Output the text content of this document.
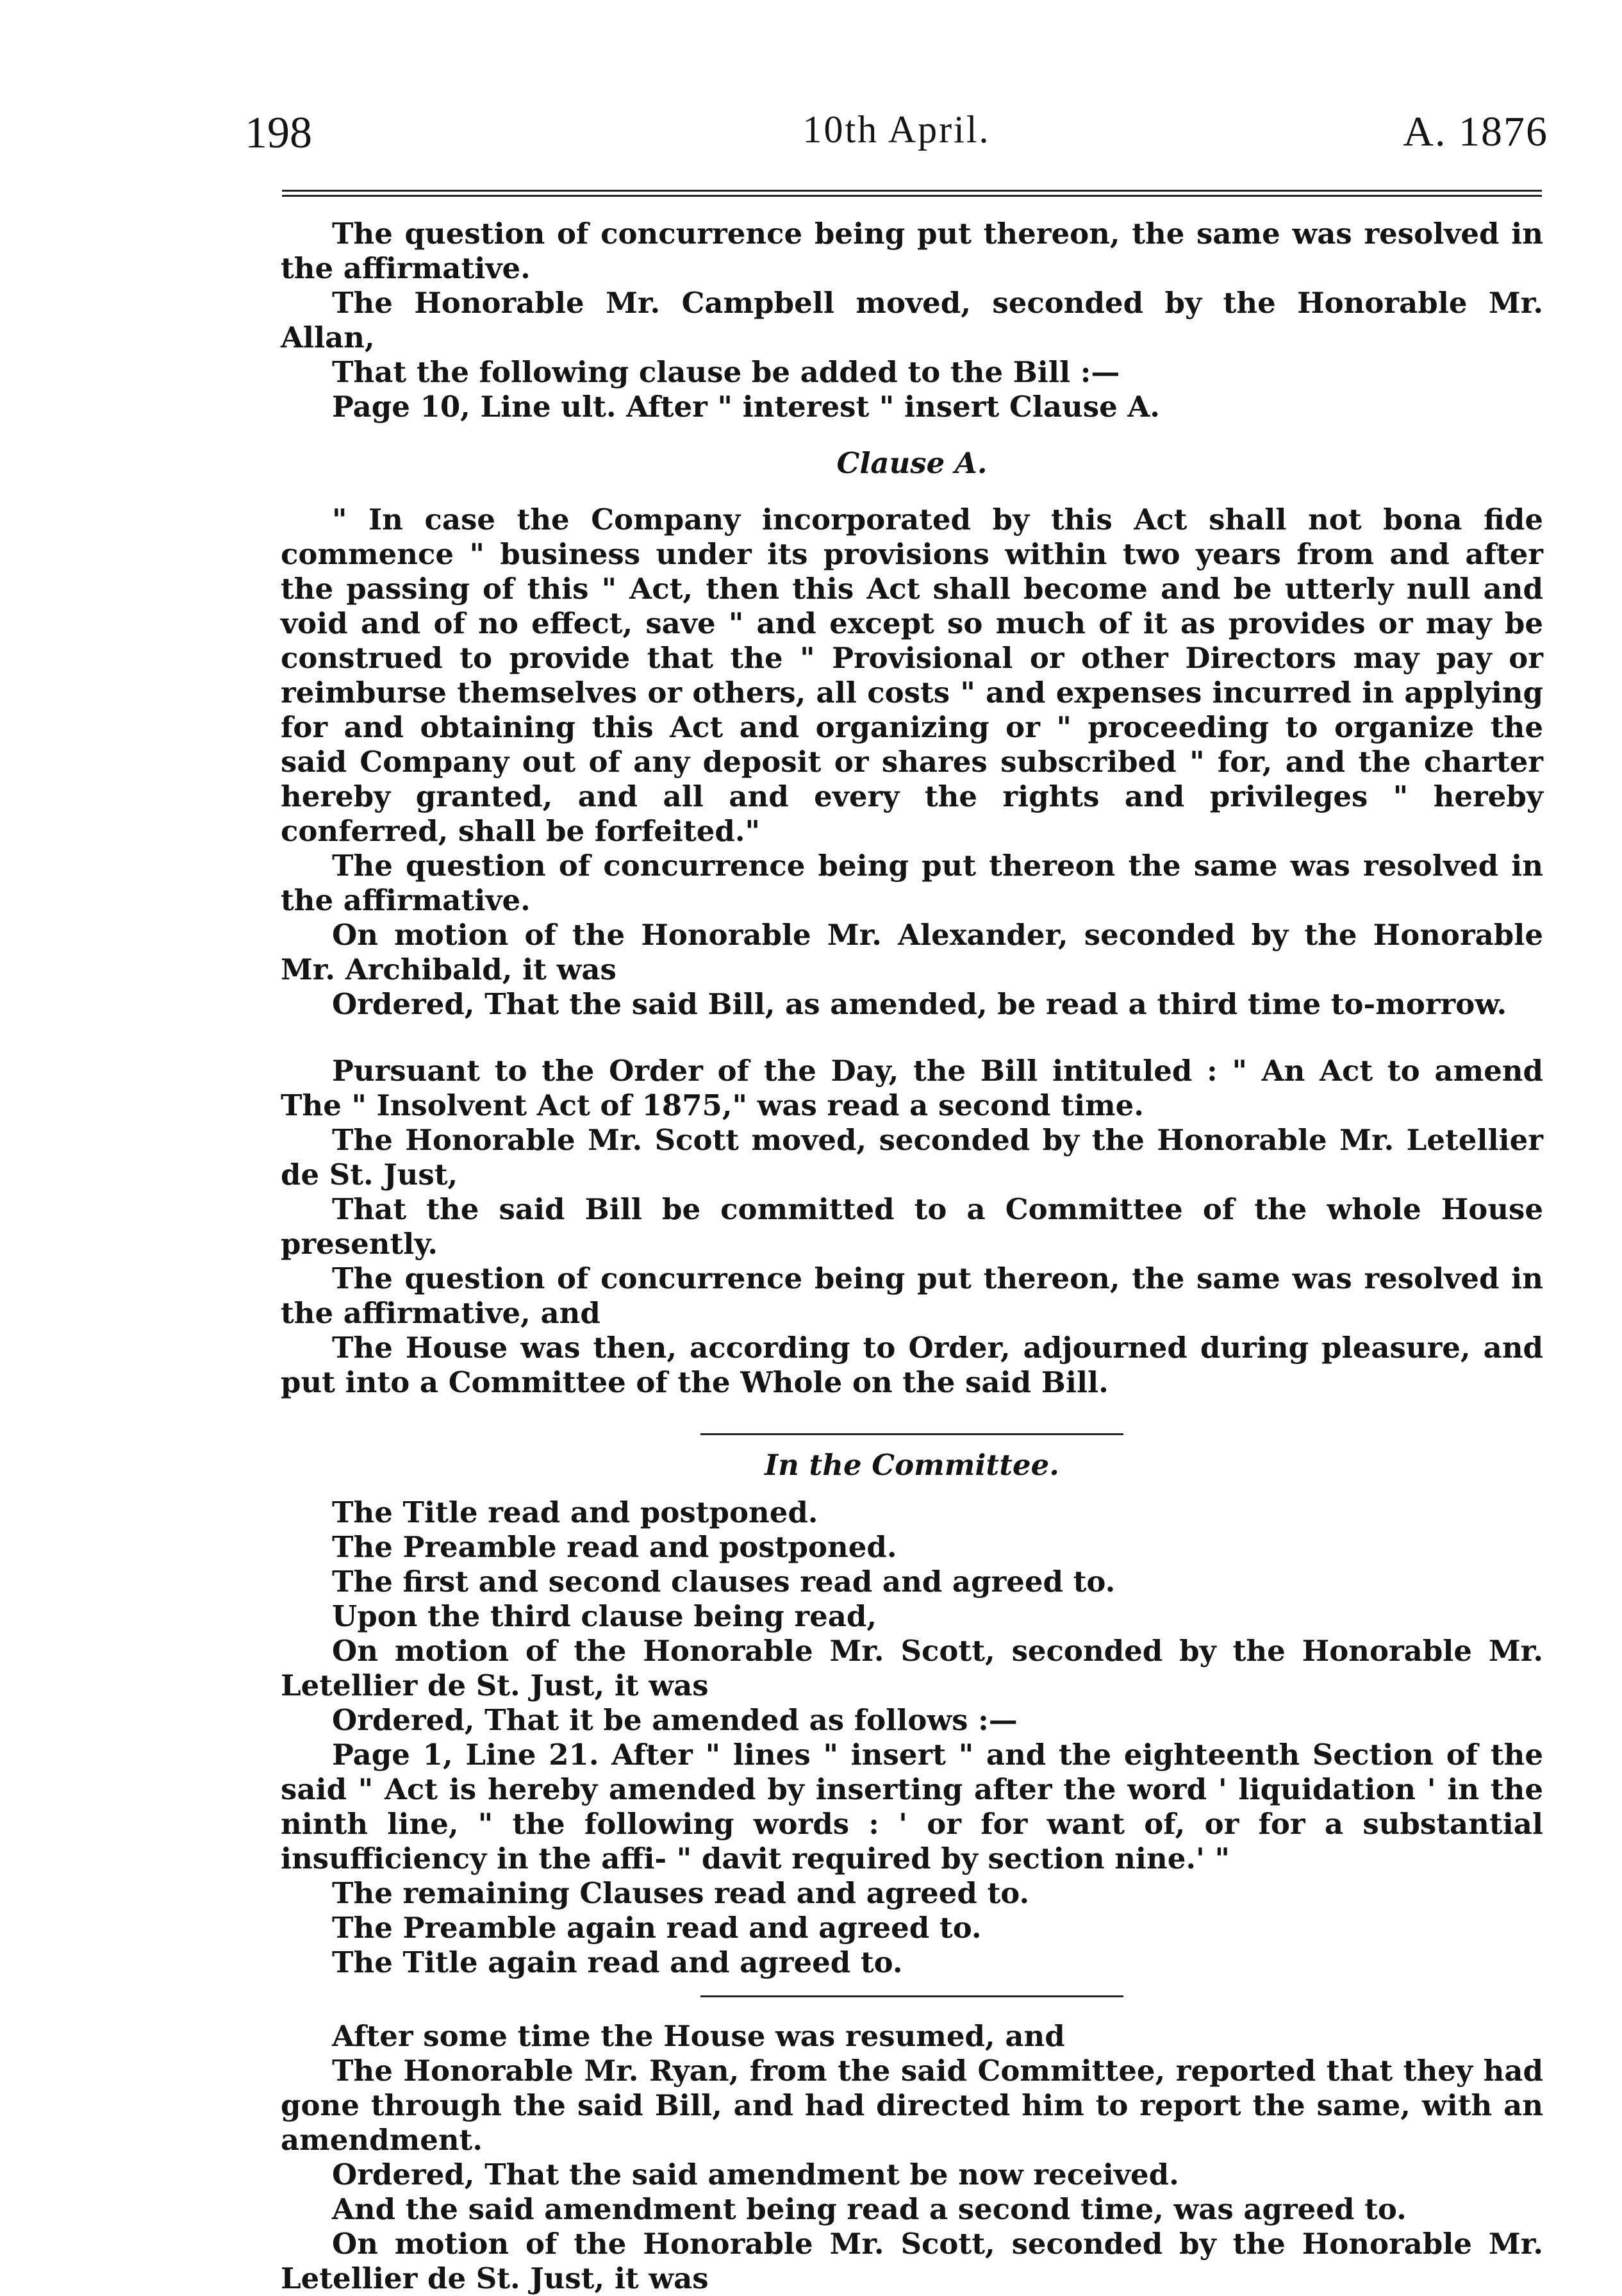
198	10th April.	A. 1876

The question of concurrence being put thereon, the same was resolved in the affirmative.

The Honorable Mr. Campbell moved, seconded by the Honorable Mr. Allan,

That the following clause be added to the Bill :—

Page 10, Line ult. After " interest " insert Clause A.

Clause A.

" In case the Company incorporated by this Act shall not bona fide commence " business under its provisions within two years from and after the passing of this " Act, then this Act shall become and be utterly null and void and of no effect, save " and except so much of it as provides or may be construed to provide that the " Provisional or other Directors may pay or reimburse themselves or others, all costs " and expenses incurred in applying for and obtaining this Act and organizing or " proceeding to organize the said Company out of any deposit or shares subscribed " for, and the charter hereby granted, and all and every the rights and privileges " hereby conferred, shall be forfeited."

The question of concurrence being put thereon the same was resolved in the affirmative.

On motion of the Honorable Mr. Alexander, seconded by the Honorable Mr. Archibald, it was

Ordered, That the said Bill, as amended, be read a third time to-morrow.

Pursuant to the Order of the Day, the Bill intituled : " An Act to amend The " Insolvent Act of 1875," was read a second time.

The Honorable Mr. Scott moved, seconded by the Honorable Mr. Letellier de St. Just,

That the said Bill be committed to a Committee of the whole House presently.

The question of concurrence being put thereon, the same was resolved in the affirmative, and

The House was then, according to Order, adjourned during pleasure, and put into a Committee of the Whole on the said Bill.

In the Committee.

The Title read and postponed.

The Preamble read and postponed.

The first and second clauses read and agreed to.

Upon the third clause being read,

On motion of the Honorable Mr. Scott, seconded by the Honorable Mr. Letellier de St. Just, it was

Ordered, That it be amended as follows :—

Page 1, Line 21. After " lines " insert " and the eighteenth Section of the said " Act is hereby amended by inserting after the word ' liquidation ' in the ninth line, " the following words : ' or for want of, or for a substantial insufficiency in the affi- " davit required by section nine.' "

The remaining Clauses read and agreed to.

The Preamble again read and agreed to.

The Title again read and agreed to.

After some time the House was resumed, and

The Honorable Mr. Ryan, from the said Committee, reported that they had gone through the said Bill, and had directed him to report the same, with an amendment.

Ordered, That the said amendment be now received.

And the said amendment being read a second time, was agreed to.

On motion of the Honorable Mr. Scott, seconded by the Honorable Mr. Letellier de St. Just, it was
